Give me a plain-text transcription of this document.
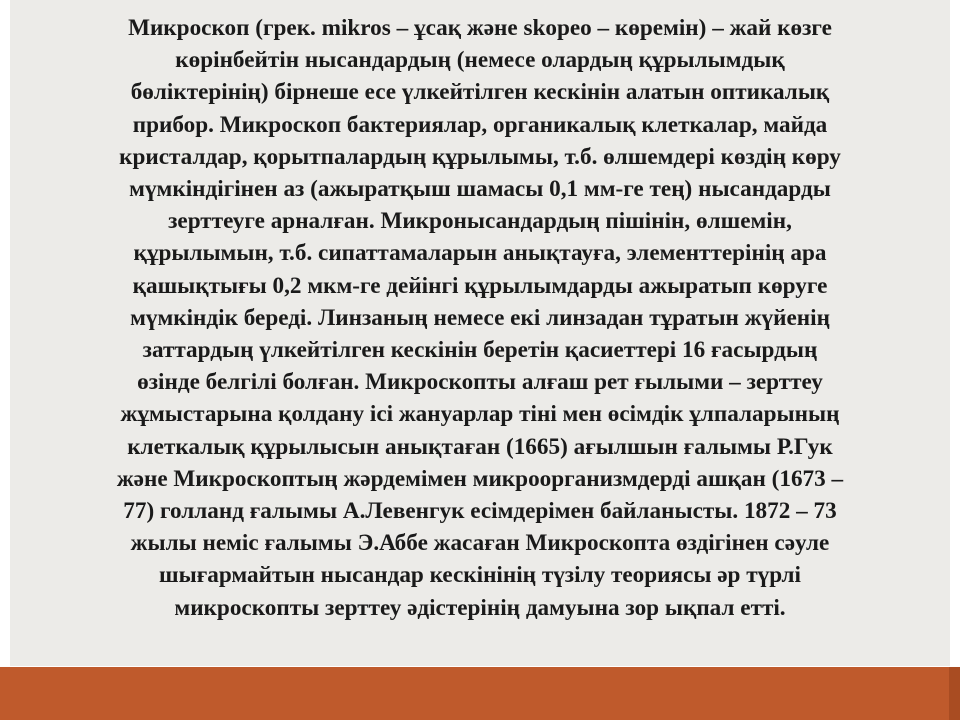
Микроскоп (грек. mikros – ұсақ және skopeo – көремін) – жай көзге
көрінбейтін нысандардың (немесе олардың құрылымдық
бөліктерінің) бірнеше есе үлкейтілген кескінін алатын оптикалық
прибор. Микроскоп бактериялар, органикалық клеткалар, майда
кристалдар, қорытпалардың құрылымы, т.б. өлшемдері көздің көру
мүмкіндігінен аз (ажыратқыш шамасы 0,1 мм-ге тең) нысандарды
зерттеуге арналған. Микронысандардың пішінін, өлшемін,
құрылымын, т.б. сипаттамаларын анықтауға, элементтерінің ара
қашықтығы 0,2 мкм-ге дейінгі құрылымдарды ажыратып көруге
мүмкіндік береді. Линзаның немесе екі линзадан тұратын жүйенің
заттардың үлкейтілген кескінін беретін қасиеттері 16 ғасырдың
өзінде белгілі болған. Микроскопты алғаш рет ғылыми – зерттеу
жұмыстарына қолдану ісі жануарлар тіні мен өсімдік ұлпаларының
клеткалық құрылысын анықтаған (1665) ағылшын ғалымы Р.Гук
және Микроскоптың жәрдемімен микроорганизмдерді ашқан (1673 –
77) голланд ғалымы А.Левенгук есімдерімен байланысты. 1872 – 73
жылы неміс ғалымы Э.Аббе жасаған Микроскопта өздігінен сәуле
шығармайтын нысандар кескінінің түзілу теориясы әр түрлі
микроскопты зерттеу әдістерінің дамуына зор ықпал етті.
